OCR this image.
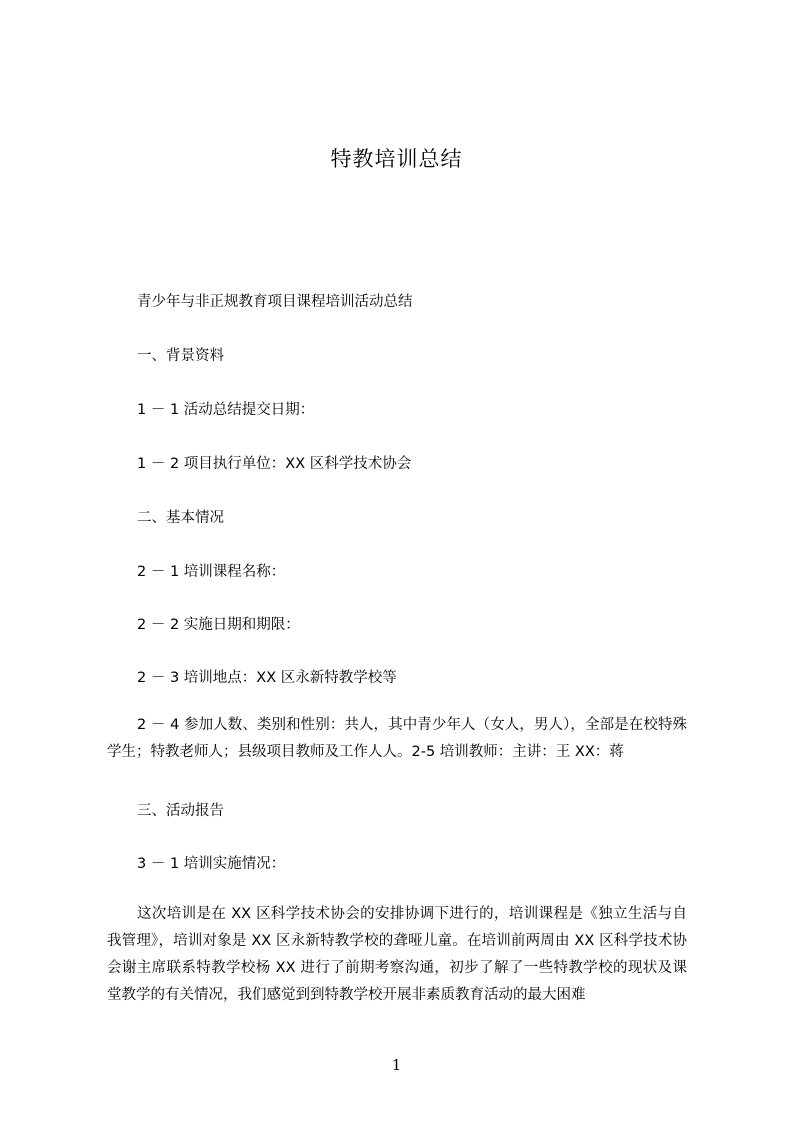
特教培训总结
青少年与非正规教育项目课程培训活动总结
一、背景资料
1 － 1 活动总结提交日期：
1 － 2 项目执行单位：XX 区科学技术协会
二、基本情况
2 － 1 培训课程名称：
2 － 2 实施日期和期限：
2 － 3 培训地点：XX 区永新特教学校等
2 － 4 参加人数、类别和性别：共人，其中青少年人（女人，男人），全部是在校特殊学生；特教老师人；县级项目教师及工作人人。2-5 培训教师：主讲：王 XX：蒋
三、活动报告
3 － 1 培训实施情况：
这次培训是在 XX 区科学技术协会的安排协调下进行的，培训课程是《独立生活与自我管理》，培训对象是 XX 区永新特教学校的聋哑儿童。在培训前两周由 XX 区科学技术协会谢主席联系特教学校杨 XX 进行了前期考察沟通，初步了解了一些特教学校的现状及课堂教学的有关情况，我们感觉到到特教学校开展非素质教育活动的最大困难
1
